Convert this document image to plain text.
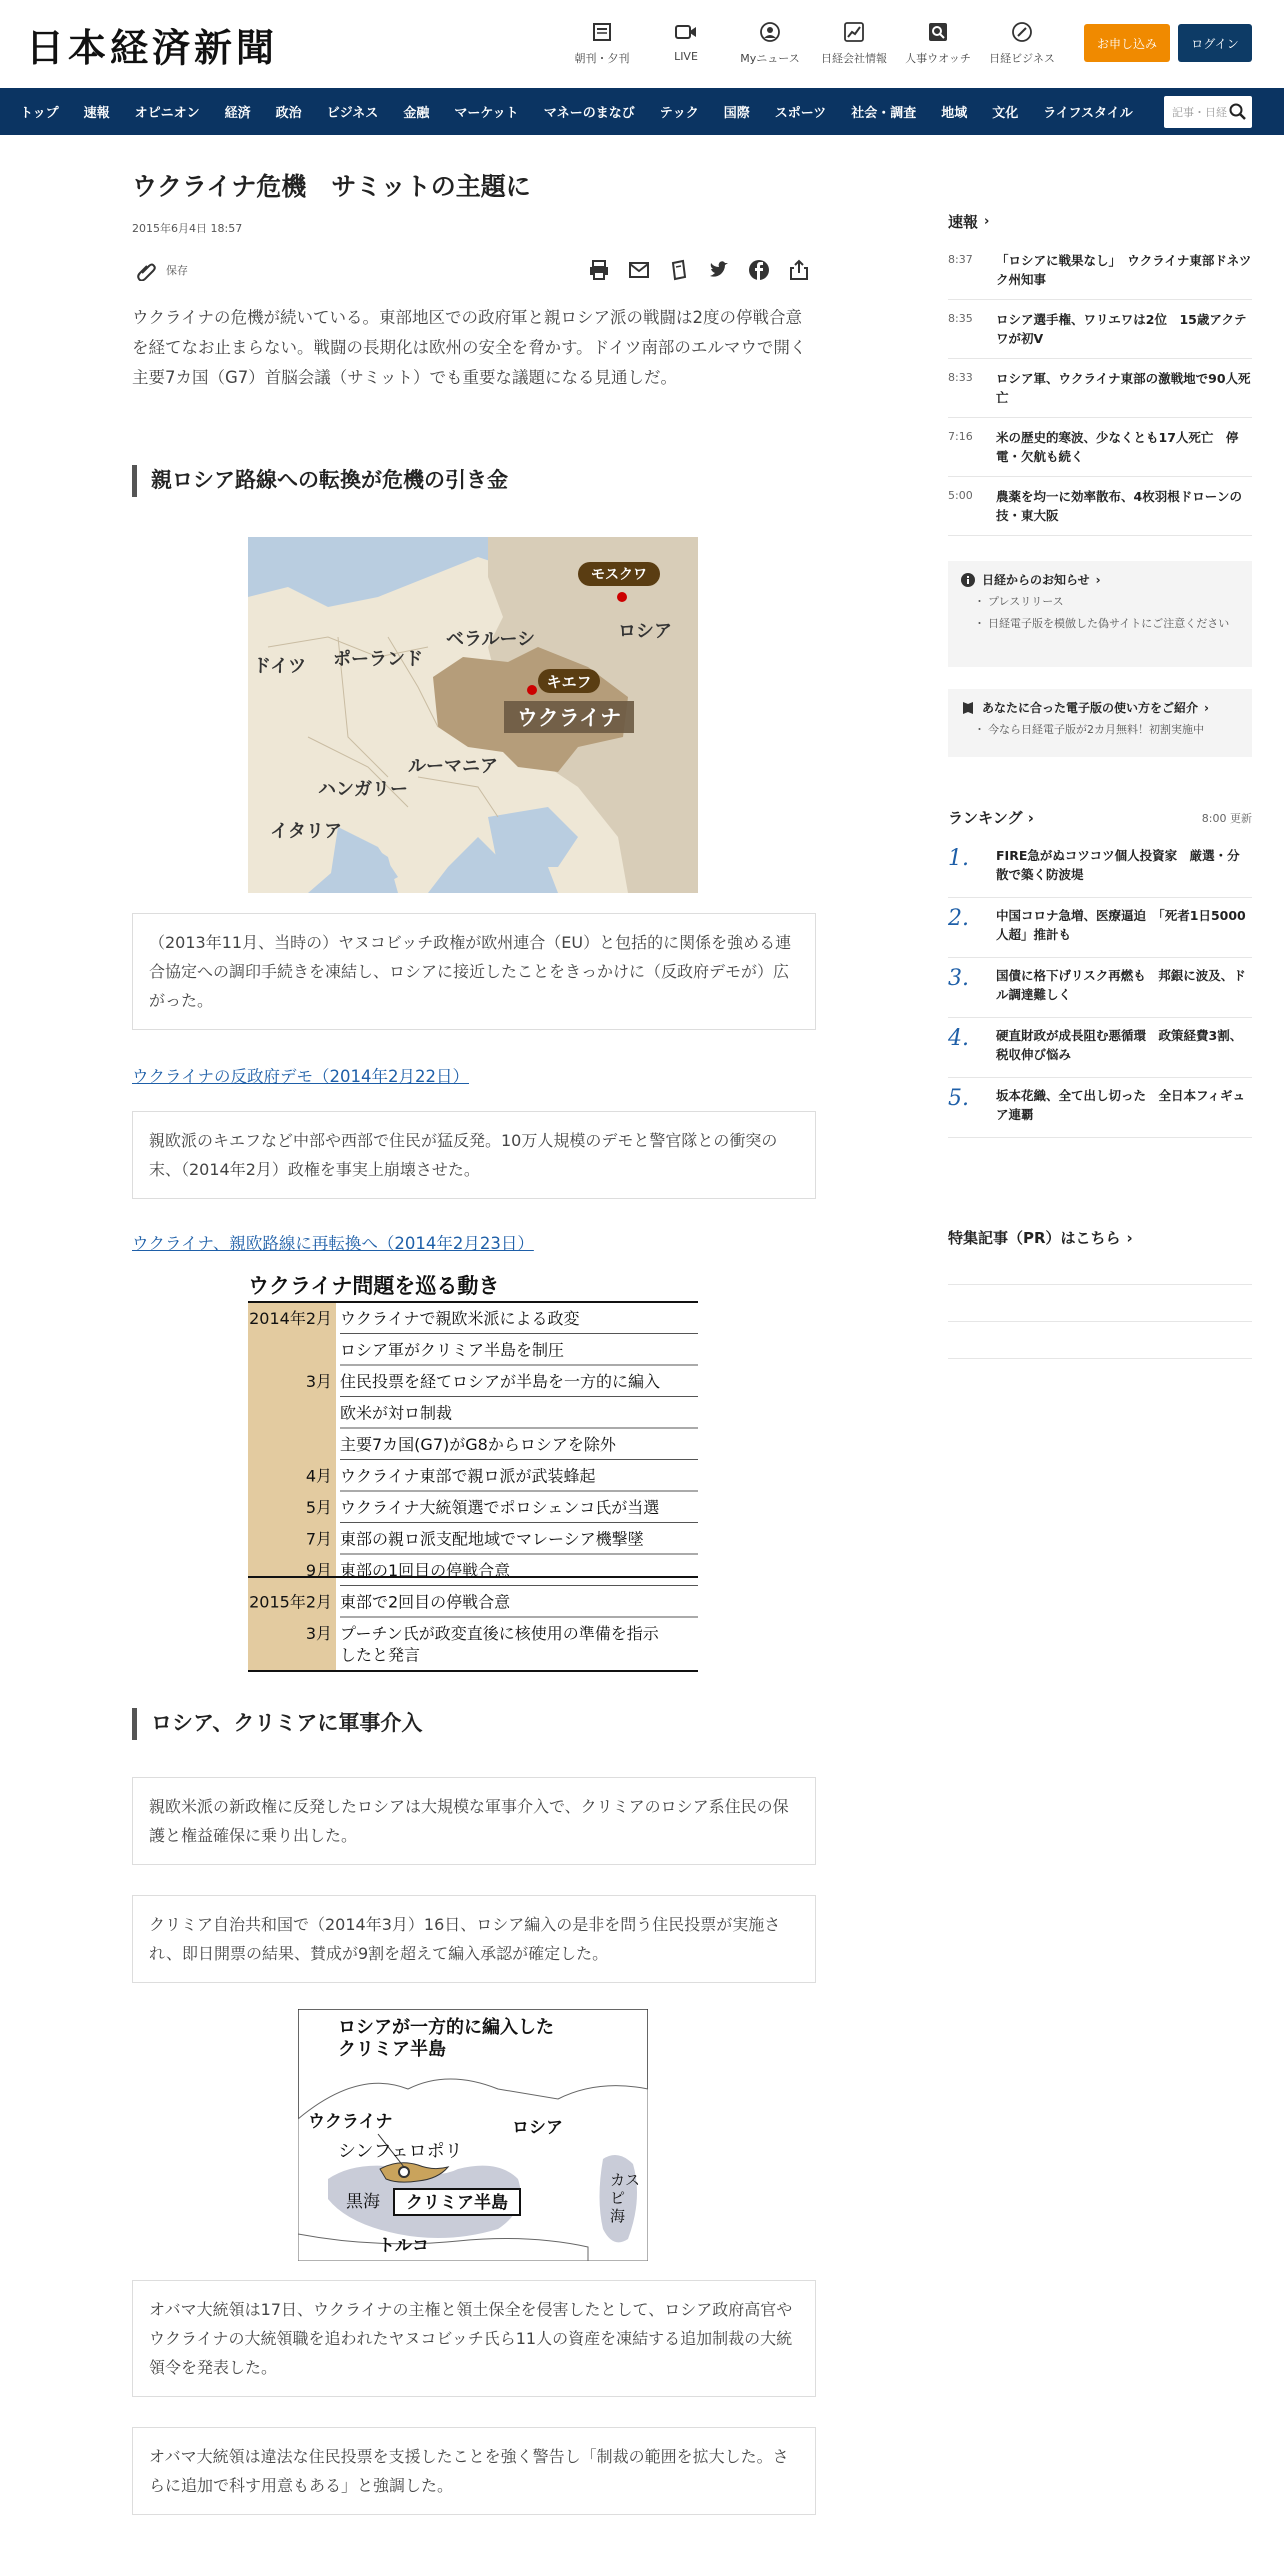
日本経済新聞	朝刊・夕刊	LIVE	Myニュース	日経会社情報	人事ウオッチ	日経ビジネス
お申し込み	ログイン
トップ 速報 オピニオン 経済 政治 ビジネス 金融 マーケット マネーのまなび テック 国際 スポーツ 社会・調査 地域 文化 ライフスタイル	記事・日経
ウクライナ危機　サミットの主題に
2015年6月4日 18:57
保存

ウクライナの危機が続いている。東部地区での政府軍と親ロシア派の戦闘は2度の停戦合意を経てなお止まらない。戦闘の長期化は欧州の安全を脅かす。ドイツ南部のエルマウで開く主要7カ国（G7）首脳会議（サミット）でも重要な議題になる見通しだ。

親ロシア路線への転換が危機の引き金
モスクワ
ロシア
ベラルーシ
ドイツ ポーランド
キエフ
ウクライナ
ルーマニア
ハンガリー
イタリア
（2013年11月、当時の）ヤヌコビッチ政権が欧州連合（EU）と包括的に関係を強める連合協定への調印手続きを凍結し、ロシアに接近したことをきっかけに（反政府デモが）広がった。
ウクライナの反政府デモ（2014年2月22日）
親欧派のキエフなど中部や西部で住民が猛反発。10万人規模のデモと警官隊との衝突の末、（2014年2月）政権を事実上崩壊させた。
ウクライナ、親欧路線に再転換へ（2014年2月23日）
ウクライナ問題を巡る動き
2014年2月 ウクライナで親欧米派による政変
ロシア軍がクリミア半島を制圧
3月 住民投票を経てロシアが半島を一方的に編入
欧米が対ロ制裁
主要7カ国(G7)がG8からロシアを除外
4月 ウクライナ東部で親ロ派が武装蜂起
5月 ウクライナ大統領選でポロシェンコ氏が当選
7月 東部の親ロ派支配地域でマレーシア機撃墜
9月 東部の1回目の停戦合意
2015年2月 東部で2回目の停戦合意
3月 プーチン氏が政変直後に核使用の準備を指示
したと発言
ロシア、クリミアに軍事介入
親欧米派の新政権に反発したロシアは大規模な軍事介入で、クリミアのロシア系住民の保護と権益確保に乗り出した。
クリミア自治共和国で（2014年3月）16日、ロシア編入の是非を問う住民投票が実施され、即日開票の結果、賛成が9割を超えて編入承認が確定した。
ロシアが一方的に編入した
クリミア半島
ウクライナ	ロシア
シンフェロポリ
黒海 クリミア半島
トルコ
カス
ピ
海
オバマ大統領は17日、ウクライナの主権と領土保全を侵害したとして、ロシア政府高官やウクライナの大統領職を追われたヤヌコビッチ氏ら11人の資産を凍結する追加制裁の大統領令を発表した。
オバマ大統領は違法な住民投票を支援したことを強く警告し「制裁の範囲を拡大した。さらに追加で科す用意もある」と強調した。
速報 ›
8:37	「ロシアに戦果なし」　ウクライナ東部ドネツク州知事
8:35	ロシア選手権、ワリエワは2位　15歳アクテワが初V
8:33	ロシア軍、ウクライナ東部の激戦地で90人死亡
7:16	米の歴史的寒波、少なくとも17人死亡　停電・欠航も続く
5:00	農薬を均一に効率散布、4枚羽根ドローンの技・東大阪
日経からのお知らせ ›
・ プレスリリース
・ 日経電子版を模倣した偽サイトにご注意ください
あなたに合った電子版の使い方をご紹介 ›
・ 今なら日経電子版が2カ月無料！初割実施中
ランキング ›	8:00 更新
1.	FIRE急がぬコツコツ個人投資家　厳選・分散で築く防波堤
2.	中国コロナ急増、医療逼迫　「死者1日5000人超」推計も
3.	国債に格下げリスク再燃も　邦銀に波及、ドル調達難しく
4.	硬直財政が成長阻む悪循環　政策経費3割、税収伸び悩み
5.	坂本花織、全て出し切った　全日本フィギュア連覇
特集記事（PR）はこちら ›
